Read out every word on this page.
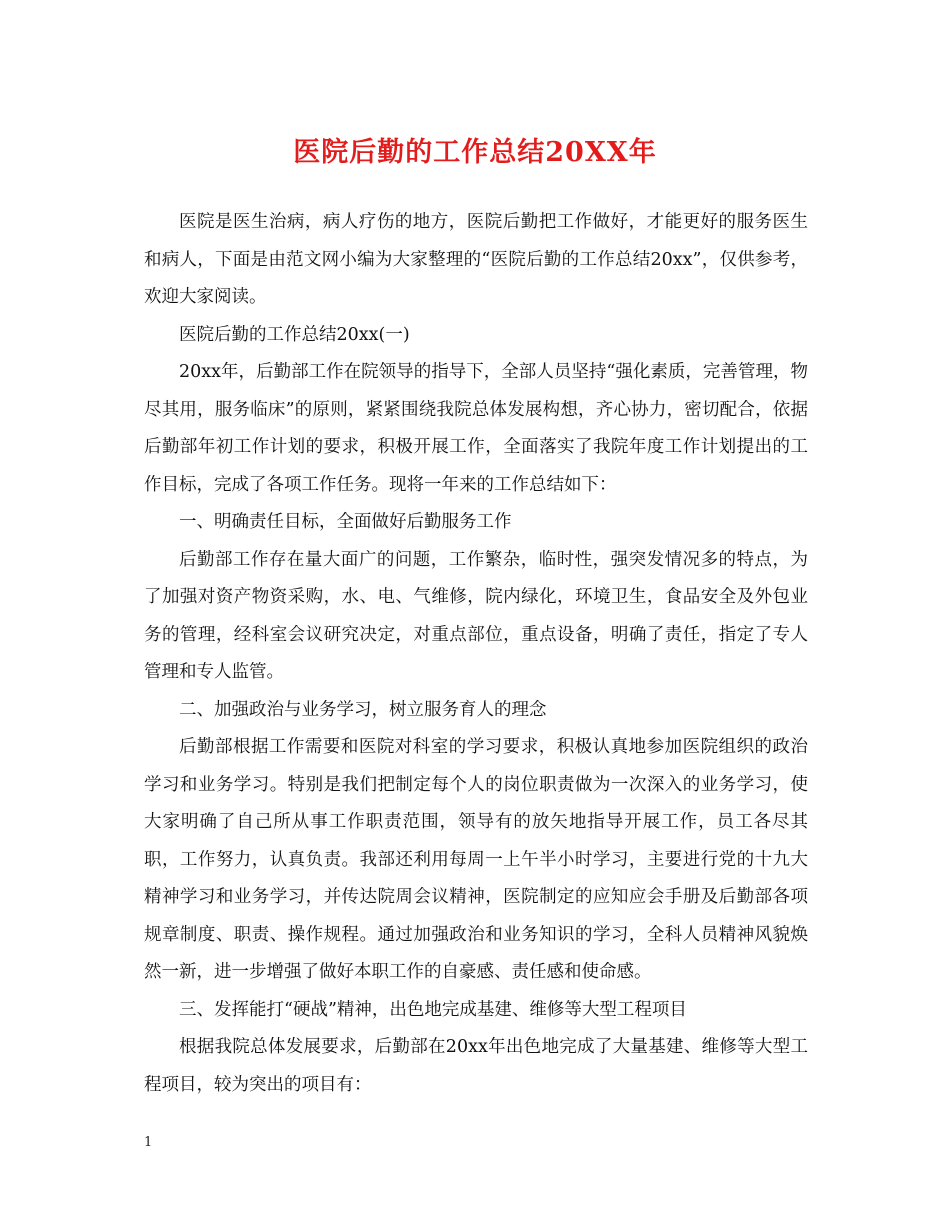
医院后勤的工作总结20XX年

医院是医生治病，病人疗伤的地方，医院后勤把工作做好，才能更好的服务医生和病人，下面是由范文网小编为大家整理的“医院后勤的工作总结20xx”，仅供参考，欢迎大家阅读。

医院后勤的工作总结20xx(一)

20xx年，后勤部工作在院领导的指导下，全部人员坚持“强化素质，完善管理，物尽其用，服务临床”的原则，紧紧围绕我院总体发展构想，齐心协力，密切配合，依据后勤部年初工作计划的要求，积极开展工作，全面落实了我院年度工作计划提出的工作目标，完成了各项工作任务。现将一年来的工作总结如下：

一、明确责任目标，全面做好后勤服务工作

后勤部工作存在量大面广的问题，工作繁杂，临时性，强突发情况多的特点，为了加强对资产物资采购，水、电、气维修，院内绿化，环境卫生，食品安全及外包业务的管理，经科室会议研究决定，对重点部位，重点设备，明确了责任，指定了专人管理和专人监管。

二、加强政治与业务学习，树立服务育人的理念

后勤部根据工作需要和医院对科室的学习要求，积极认真地参加医院组织的政治学习和业务学习。特别是我们把制定每个人的岗位职责做为一次深入的业务学习，使大家明确了自己所从事工作职责范围，领导有的放矢地指导开展工作，员工各尽其职，工作努力，认真负责。我部还利用每周一上午半小时学习，主要进行党的十九大精神学习和业务学习，并传达院周会议精神，医院制定的应知应会手册及后勤部各项规章制度、职责、操作规程。通过加强政治和业务知识的学习，全科人员精神风貌焕然一新，进一步增强了做好本职工作的自豪感、责任感和使命感。

三、发挥能打“硬战”精神，出色地完成基建、维修等大型工程项目

根据我院总体发展要求，后勤部在20xx年出色地完成了大量基建、维修等大型工程项目，较为突出的项目有：

1
